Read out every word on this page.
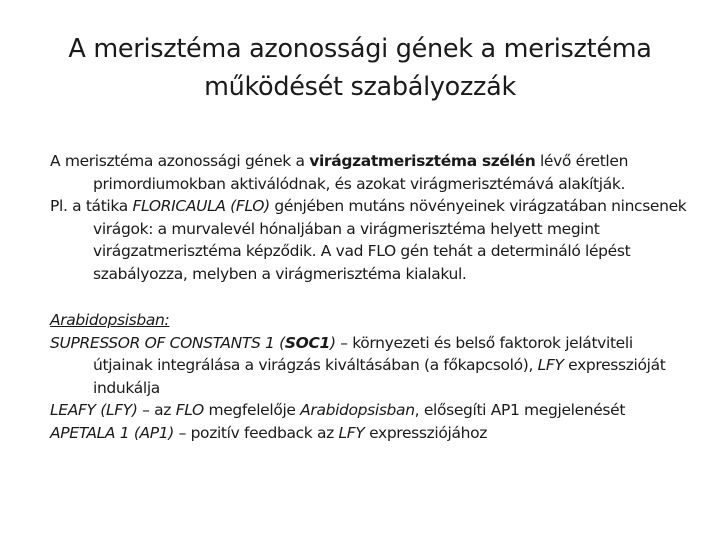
A merisztéma azonossági gének a merisztéma
működését szabályozzák

A merisztéma azonossági gének a virágzatmerisztéma szélén lévő éretlen primordiumokban aktiválódnak, és azokat virágmerisztémává alakítják.

Pl. a tátika FLORICAULA (FLO) génjében mutáns növényeinek virágzatában nincsenek virágok: a murvalevél hónaljában a virágmerisztéma helyett megint virágzatmerisztéma képződik. A vad FLO gén tehát a determináló lépést szabályozza, melyben a virágmerisztéma kialakul.

Arabidopsisban:

SUPRESSOR OF CONSTANTS 1 (SOC1) – környezeti és belső faktorok jelátviteli útjainak integrálása a virágzás kiváltásában (a főkapcsoló), LFY expresszióját indukálja

LEAFY (LFY) – az FLO megfelelője Arabidopsisban, elősegíti AP1 megjelenését

APETALA 1 (AP1) – pozitív feedback az LFY expressziójához
